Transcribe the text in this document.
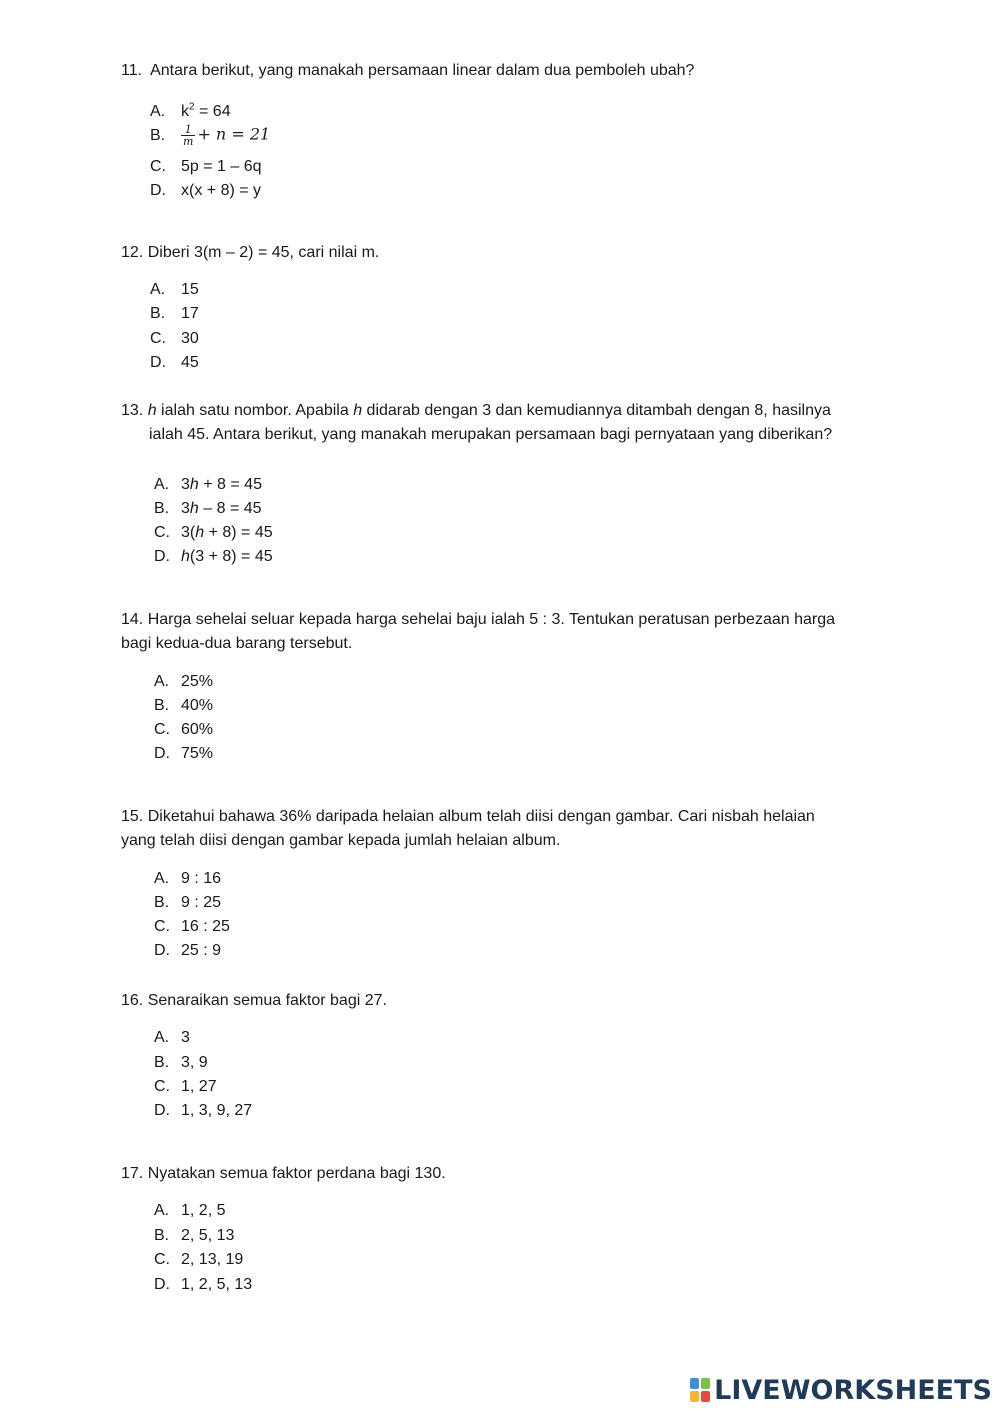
11. Antara berikut, yang manakah persamaan linear dalam dua pemboleh ubah?
A. $k^2 = 64$
B. $\frac{1}{m} + n = 21$
C. 5p = 1 – 6q
D. x(x + 8) = y
12. Diberi 3(m – 2) = 45, cari nilai m.
A. 15
B. 17
C. 30
D. 45
13. h ialah satu nombor. Apabila h didarab dengan 3 dan kemudiannya ditambah dengan 8, hasilnya
ialah 45. Antara berikut, yang manakah merupakan persamaan bagi pernyataan yang diberikan?
A. 3h + 8 = 45
B. 3h – 8 = 45
C. 3(h + 8) = 45
D. h(3 + 8) = 45
14. Harga sehelai seluar kepada harga sehelai baju ialah 5 : 3. Tentukan peratusan perbezaan harga
bagi kedua-dua barang tersebut.
A. 25%
B. 40%
C. 60%
D. 75%
15. Diketahui bahawa 36% daripada helaian album telah diisi dengan gambar. Cari nisbah helaian
yang telah diisi dengan gambar kepada jumlah helaian album.
A. 9 : 16
B. 9 : 25
C. 16 : 25
D. 25 : 9
16. Senaraikan semua faktor bagi 27.
A. 3
B. 3, 9
C. 1, 27
D. 1, 3, 9, 27
17. Nyatakan semua faktor perdana bagi 130.
A. 1, 2, 5
B. 2, 5, 13
C. 2, 13, 19
D. 1, 2, 5, 13
LIVEWORKSHEETS
